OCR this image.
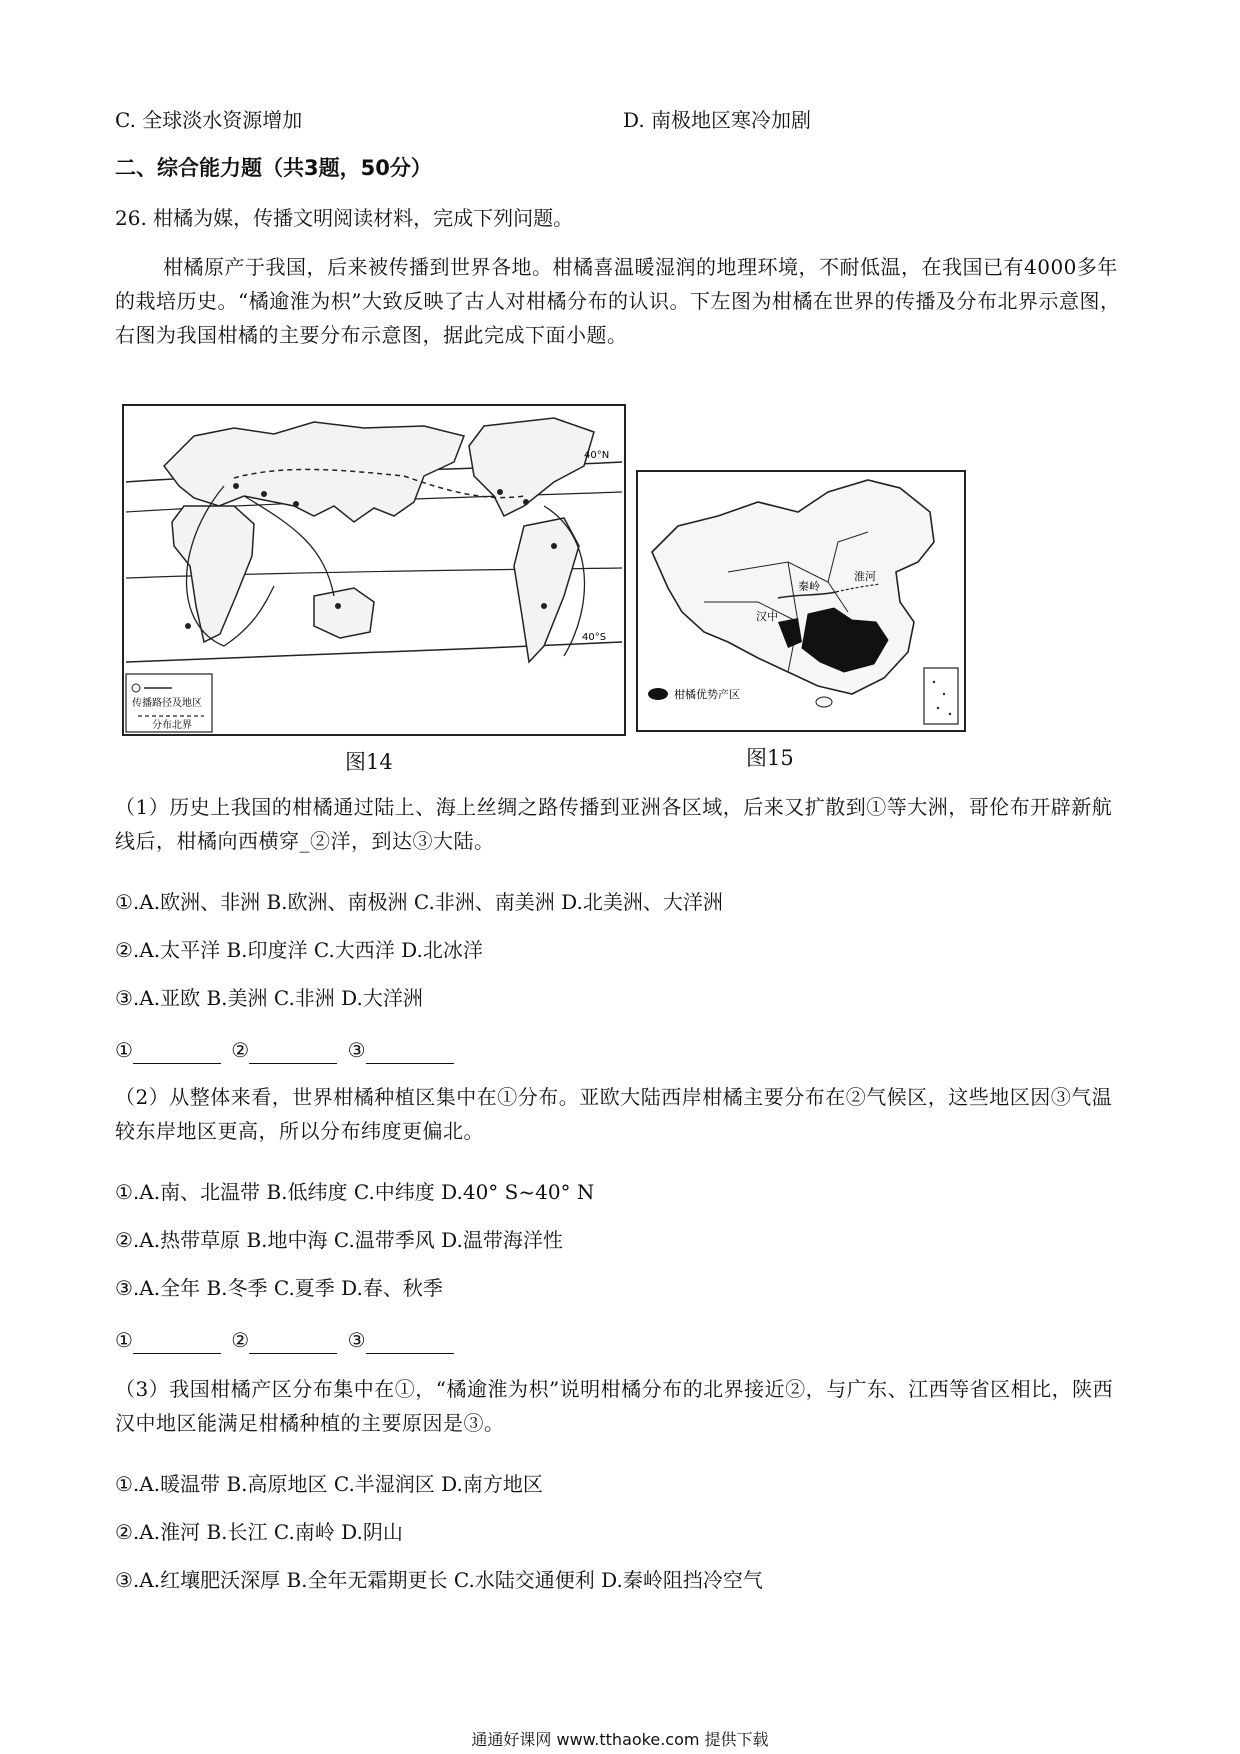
C. 全球淡水资源增加	D. 南极地区寒冷加剧
二、综合能力题（共3题，50分）
26. 柑橘为媒，传播文明阅读材料，完成下列问题。
柑橘原产于我国，后来被传播到世界各地。柑橘喜温暖湿润的地理环境，不耐低温，在我国已有4000多年的栽培历史。“橘逾淮为枳”大致反映了古人对柑橘分布的认识。下左图为柑橘在世界的传播及分布北界示意图，右图为我国柑橘的主要分布示意图，据此完成下面小题。
40°N
40°S
传播路径及地区
分布北界
图14
汉中
秦岭
淮河
柑橘优势产区
图15
（1）历史上我国的柑橘通过陆上、海上丝绸之路传播到亚洲各区域，后来又扩散到①等大洲，哥伦布开辟新航线后，柑橘向西横穿_②洋，到达③大陆。
①.A.欧洲、非洲 B.欧洲、南极洲 C.非洲、南美洲 D.北美洲、大洋洲
②.A.太平洋 B.印度洋 C.大西洋 D.北冰洋
③.A.亚欧 B.美洲 C.非洲 D.大洋洲
①	②	③
（2）从整体来看，世界柑橘种植区集中在①分布。亚欧大陆西岸柑橘主要分布在②气候区，这些地区因③气温较东岸地区更高，所以分布纬度更偏北。
①.A.南、北温带 B.低纬度 C.中纬度 D.40° S~40° N
②.A.热带草原 B.地中海 C.温带季风 D.温带海洋性
③.A.全年 B.冬季 C.夏季 D.春、秋季
①	②	③
（3）我国柑橘产区分布集中在①，“橘逾淮为枳”说明柑橘分布的北界接近②，与广东、江西等省区相比，陕西汉中地区能满足柑橘种植的主要原因是③。
①.A.暖温带 B.高原地区 C.半湿润区 D.南方地区
②.A.淮河 B.长江 C.南岭 D.阴山
③.A.红壤肥沃深厚 B.全年无霜期更长 C.水陆交通便利 D.秦岭阻挡冷空气
通通好课网 www.tthaoke.com 提供下载
